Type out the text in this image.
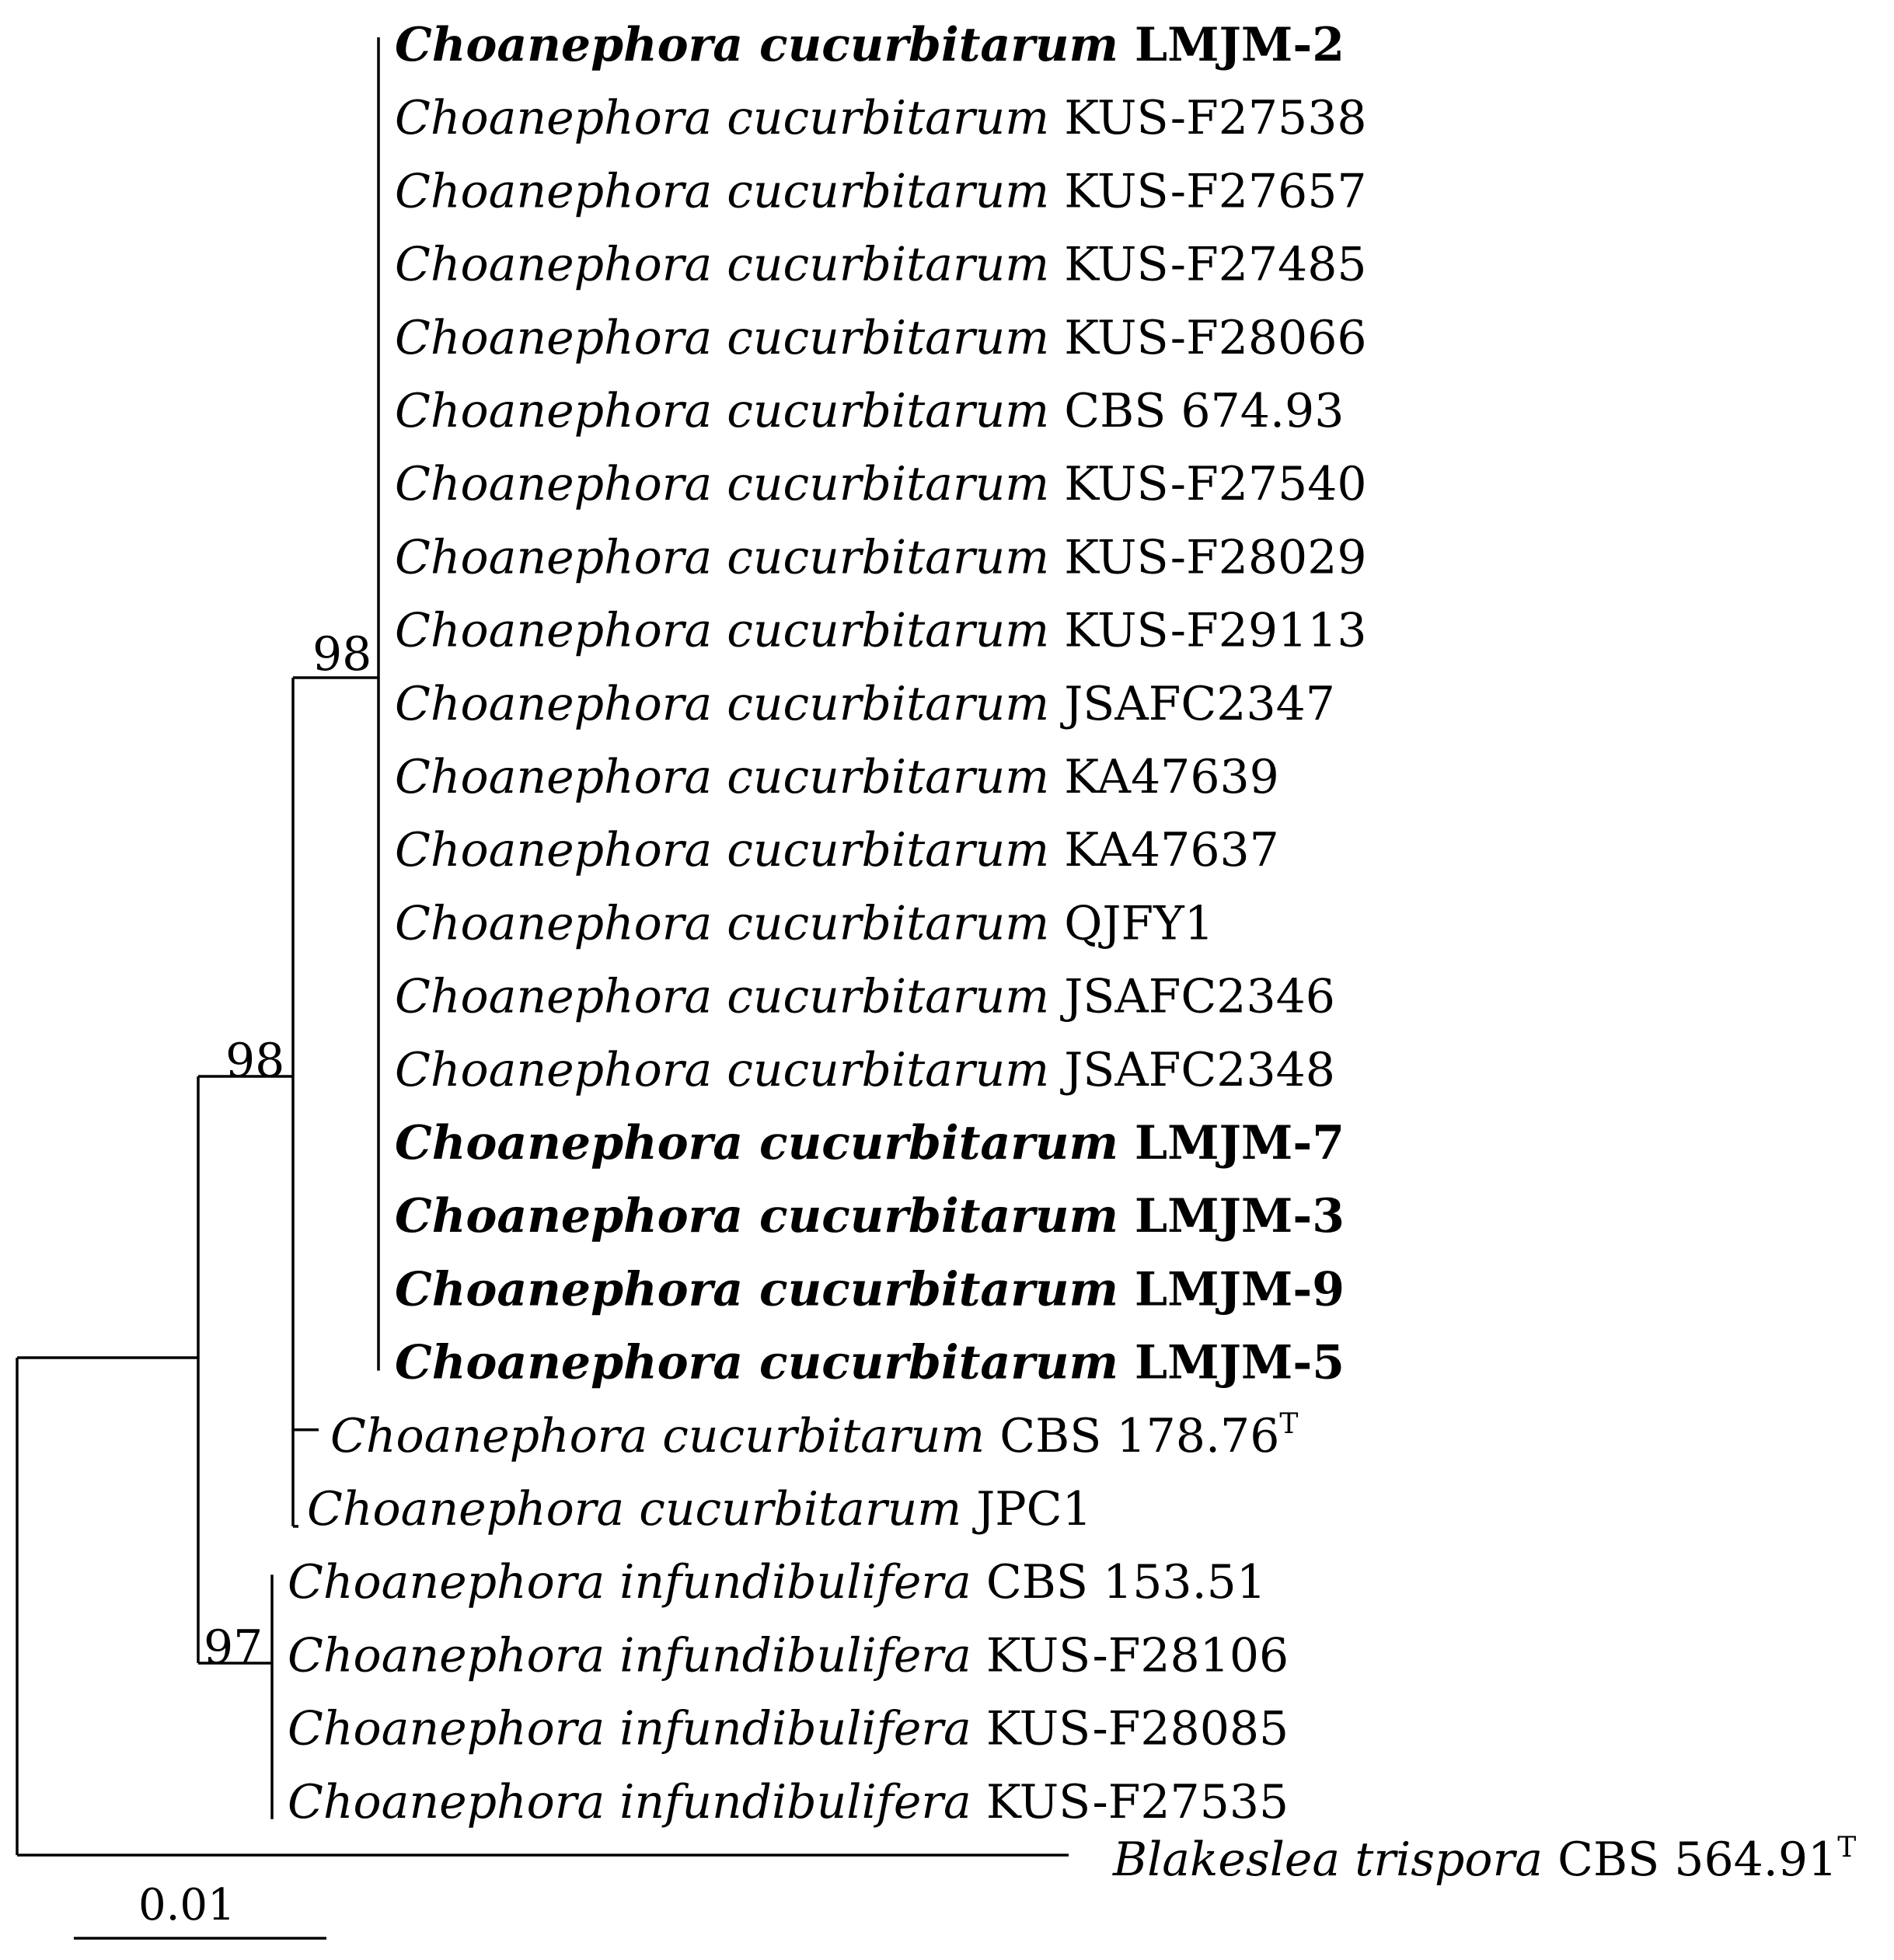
Choanephora cucurbitarum LMJM-2
Choanephora cucurbitarum KUS-F27538
Choanephora cucurbitarum KUS-F27657
Choanephora cucurbitarum KUS-F27485
Choanephora cucurbitarum KUS-F28066
Choanephora cucurbitarum CBS 674.93
Choanephora cucurbitarum KUS-F27540
Choanephora cucurbitarum KUS-F28029
Choanephora cucurbitarum KUS-F29113
Choanephora cucurbitarum JSAFC2347
Choanephora cucurbitarum KA47639
Choanephora cucurbitarum KA47637
Choanephora cucurbitarum QJFY1
Choanephora cucurbitarum JSAFC2346
Choanephora cucurbitarum JSAFC2348
Choanephora cucurbitarum LMJM-7
Choanephora cucurbitarum LMJM-3
Choanephora cucurbitarum LMJM-9
Choanephora cucurbitarum LMJM-5
Choanephora cucurbitarum CBS $178.76^T$
Choanephora cucurbitarum JPC1
Choanephora infundibulifera CBS 153.51
Choanephora infundibulifera KUS-F28106
Choanephora infundibulifera KUS-F28085
Choanephora infundibulifera KUS-F27535
Blakeslea trispora CBS $564.91^T$
98
98
97
0.01
